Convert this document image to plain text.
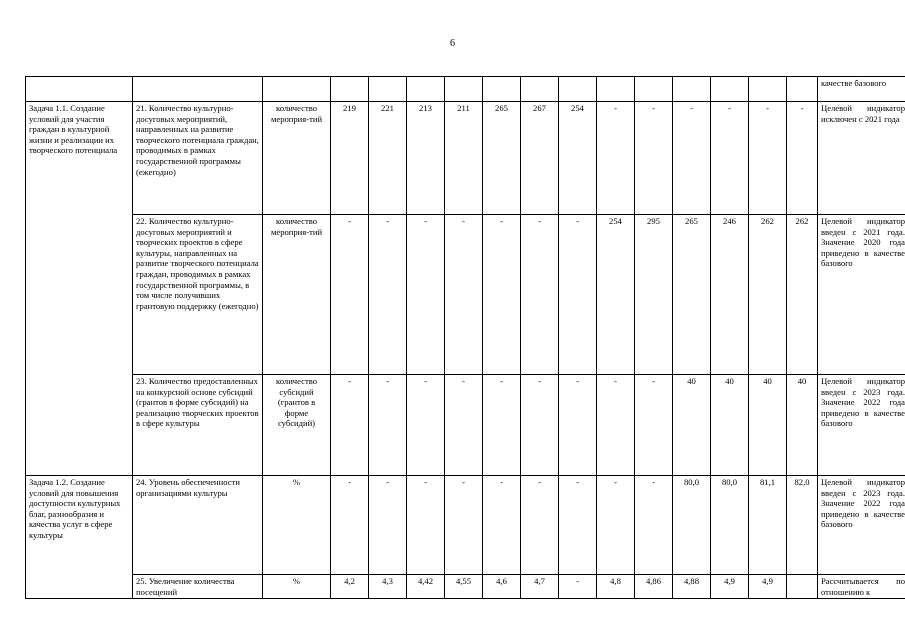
6
																качестве базового
Задача 1.1. Создание условий для участия граждан в культурной жизни и реализации их творческого потенциала	21. Количество культурно-досуговых мероприятий, направленных на развитие творческого потенциала граждан, проводимых в рамках государственной программы (ежегодно)	количество мероприя-тий	219	221	213	211	265	267	254	-	-	-	-	-	-	Целевой индикатор исключен с 2021 года
	22. Количество культурно-досуговых мероприятий и творческих проектов в сфере культуры, направленных на развитие творческого потенциала граждан, проводимых в рамках государственной программы, в том числе получивших грантовую поддержку (ежегодно)	количество мероприя-тий	-	-	-	-	-	-	-	254	295	265	246	262	262	Целевой индикатор введен с 2021 года. Значение 2020 года приведено в качестве базового
	23. Количество предоставленных на конкурсной основе субсидий (грантов в форме субсидий) на реализацию творческих проектов в сфере культуры	количество субсидий (грантов в форме субсидий)	-	-	-	-	-	-	-	-	-	40	40	40	40	Целевой индикатор введен с 2023 года. Значение 2022 года приведено в качестве базового
Задача 1.2. Создание условий для повышения доступности культурных благ, разнообразия и качества услуг в сфере культуры	24. Уровень обеспеченности организациями культуры	%	-	-	-	-	-	-	-	-	-	80,0	80,0	81,1	82,0	Целевой индикатор введен с 2023 года. Значение 2022 года приведено в качестве базового
	25. Увеличение количества посещений	%	4,2	4,3	4,42	4,55	4,6	4,7	-	4,8	4,86	4,88	4,9	4,9		Рассчитывается по отношению к
